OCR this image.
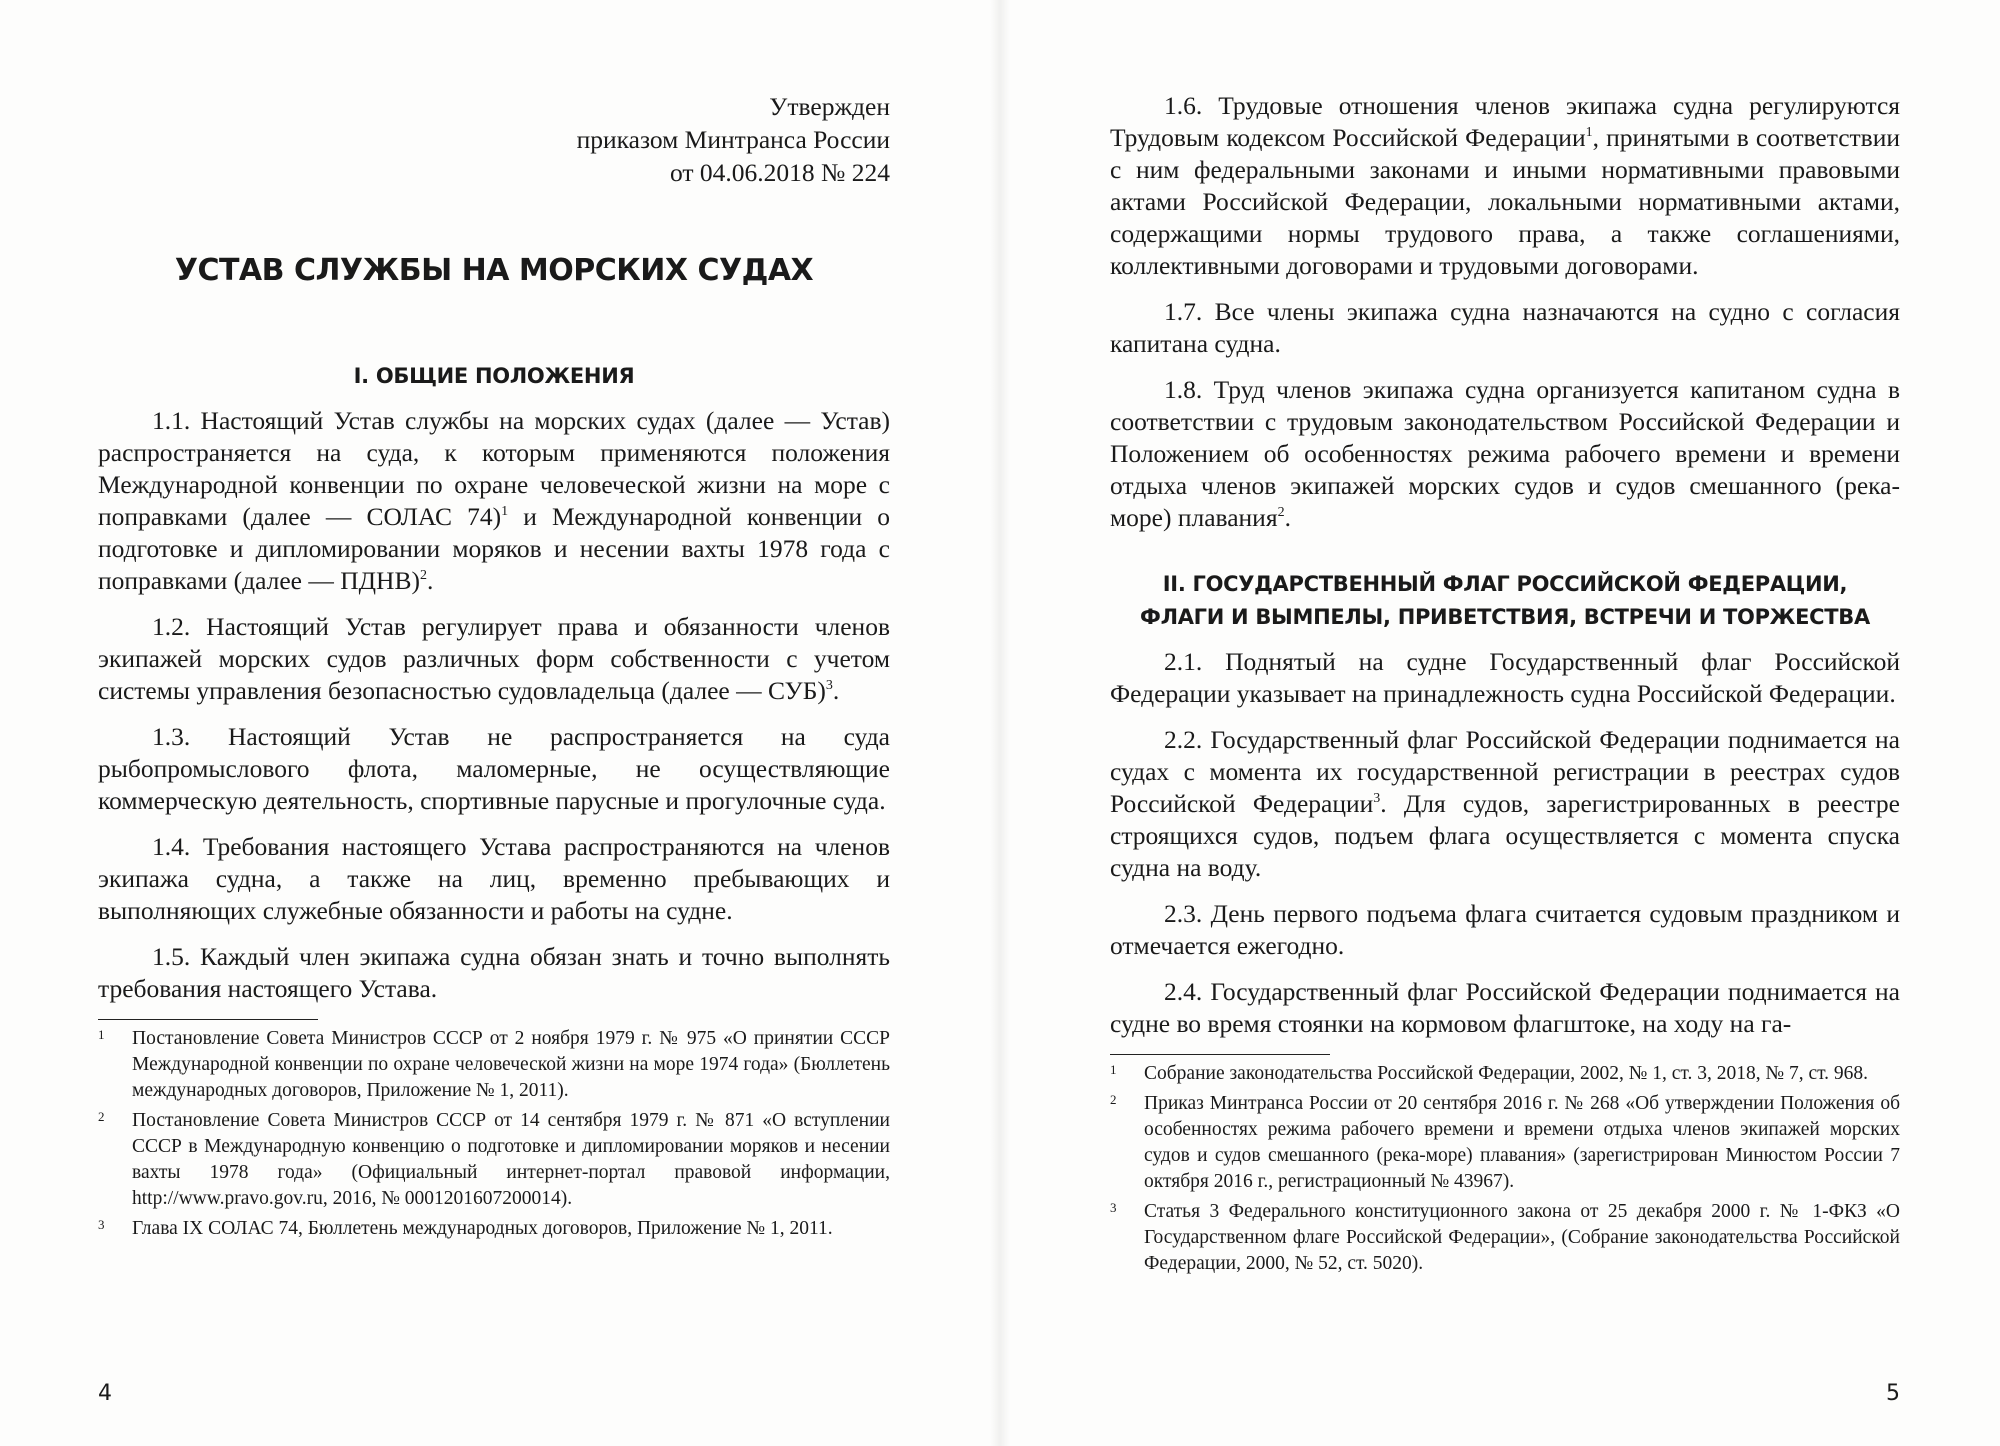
Утвержден
приказом Минтранса России
от 04.06.2018 № 224
УСТАВ СЛУЖБЫ НА МОРСКИХ СУДАХ
I. ОБЩИЕ ПОЛОЖЕНИЯ

1.1. Настоящий Устав службы на морских судах (далее — Устав) распространяется на суда, к которым применяются положения Международной конвенции по охране человеческой жизни на море с поправками (далее — СОЛАС 74)$^1$ и Международной конвенции о подготовке и дипломировании моряков и несении вахты 1978 года с поправками (далее — ПДНВ)$^2$.

1.2. Настоящий Устав регулирует права и обязанности членов экипажей морских судов различных форм собственности с учетом системы управления безопасностью судовладельца (далее — СУБ)$^3$.

1.3. Настоящий Устав не распространяется на суда рыбопромыслового флота, маломерные, не осуществляющие коммерческую деятельность, спортивные парусные и прогулочные суда.

1.4. Требования настоящего Устава распространяются на членов экипажа судна, а также на лиц, временно пребывающих и выполняющих служебные обязанности и работы на судне.

1.5. Каждый член экипажа судна обязан знать и точно выполнять требования настоящего Устава.

1	Постановление Совета Министров СССР от 2 ноября 1979 г. № 975 «О принятии СССР Международной конвенции по охране человеческой жизни на море 1974 года» (Бюллетень международных договоров, Приложение № 1, 2011).
2	Постановление Совета Министров СССР от 14 сентября 1979 г. № 871 «О вступлении СССР в Международную конвенцию о подготовке и дипломировании моряков и несении вахты 1978 года» (Официальный интернет-портал правовой информации, http://www.pravo.gov.ru, 2016, № 0001201607200014).
3	Глава IX СОЛАС 74, Бюллетень международных договоров, Приложение № 1, 2011.
4

1.6. Трудовые отношения членов экипажа судна регулируются Трудовым кодексом Российской Федерации$^1$, принятыми в соответствии с ним федеральными законами и иными нормативными правовыми актами Российской Федерации, локальными нормативными актами, содержащими нормы трудового права, а также соглашениями, коллективными договорами и трудовыми договорами.

1.7. Все члены экипажа судна назначаются на судно с согласия капитана судна.

1.8. Труд членов экипажа судна организуется капитаном судна в соответствии с трудовым законодательством Российской Федерации и Положением об особенностях режима рабочего времени и времени отдыха членов экипажей морских судов и судов смешанного (река-море) плавания$^2$.

II. ГОСУДАРСТВЕННЫЙ ФЛАГ РОССИЙСКОЙ ФЕДЕРАЦИИ,
ФЛАГИ И ВЫМПЕЛЫ, ПРИВЕТСТВИЯ, ВСТРЕЧИ И ТОРЖЕСТВА

2.1. Поднятый на судне Государственный флаг Российской Федерации указывает на принадлежность судна Российской Федерации.

2.2. Государственный флаг Российской Федерации поднимается на судах с момента их государственной регистрации в реестрах судов Российской Федерации$^3$. Для судов, зарегистрированных в реестре строящихся судов, подъем флага осуществляется с момента спуска судна на воду.

2.3. День первого подъема флага считается судовым праздником и отмечается ежегодно.

2.4. Государственный флаг Российской Федерации поднимается на судне во время стоянки на кормовом флагштоке, на ходу на га-

1	Собрание законодательства Российской Федерации, 2002, № 1, ст. 3, 2018, № 7, ст. 968.
2	Приказ Минтранса России от 20 сентября 2016 г. № 268 «Об утверждении Положения об особенностях режима рабочего времени и времени отдыха членов экипажей морских судов и судов смешанного (река-море) плавания» (зарегистрирован Минюстом России 7 октября 2016 г., регистрационный № 43967).
3	Статья 3 Федерального конституционного закона от 25 декабря 2000 г. № 1-ФКЗ «О Государственном флаге Российской Федерации», (Собрание законодательства Российской Федерации, 2000, № 52, ст. 5020).
5
